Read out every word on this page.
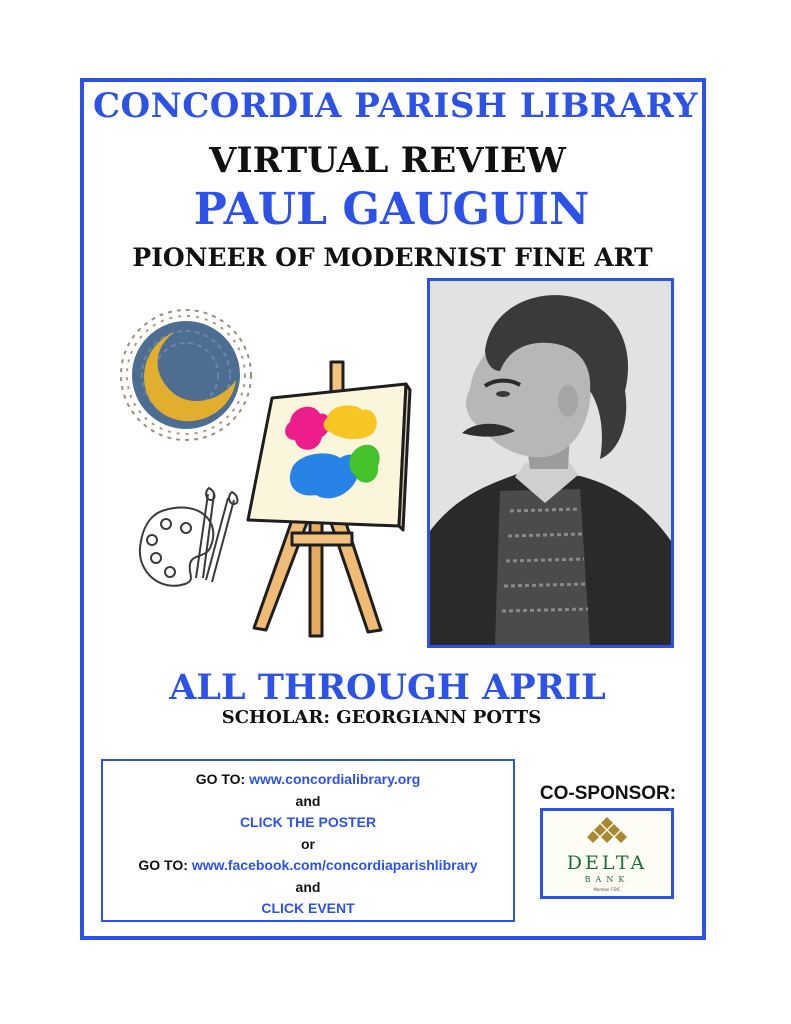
CONCORDIA PARISH LIBRARY
VIRTUAL REVIEW
PAUL GAUGUIN
PIONEER OF MODERNIST FINE ART
ALL THROUGH APRIL
SCHOLAR: GEORGIANN POTTS
GO TO: www.concordialibrary.org
and
CLICK THE POSTER
or
GO TO: www.facebook.com/concordiaparishlibrary
and
CLICK EVENT
CO-SPONSOR:
DELTA
BANK
Member FDIC
